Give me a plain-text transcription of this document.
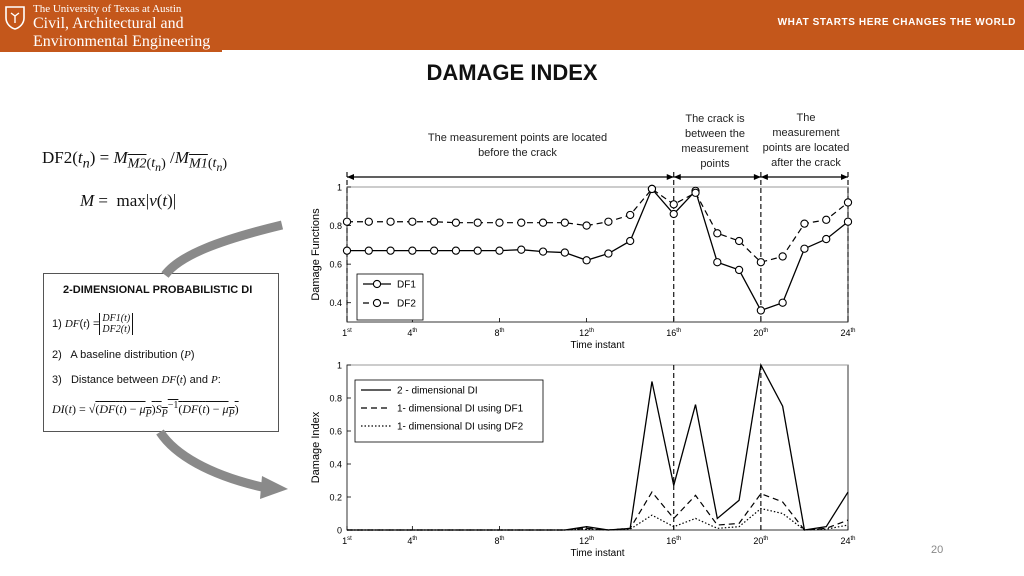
The University of Texas at Austin
Civil, Architectural and
Environmental Engineering
WHAT STARTS HERE CHANGES THE WORLD
DAMAGE INDEX
$DF2(t_n) = M_{M2(t_n)}$ $/M_{M1(t_n)}$
M =  max|v(t)|
2-DIMENSIONAL PROBABILISTIC DI
1) DF(t) = DF1(t)
DF2(t)
2)   A baseline distribution (P)
3)   Distance between DF(t) and P:
$DI(t) = √(DF(t) - \mu_P)S_P^{-1}(DF(t) - \mu_P)$
The measurement points are located
before the crack
The crack is
between the
measurement
points
The
measurement
points are located
after the crack
20
0.4
0.6
0.8
1
1st	4th	8th	12th	16th	20th	24th
Time instant
Damage Functions	DF1
DF2
0
0.2
0.4
0.6
0.8
1
1st	4th	8th	12th	16th	20th	24th
Time instant
Damage Index
2 - dimensional DI
1- dimensional DI using DF1
1- dimensional DI using DF2
